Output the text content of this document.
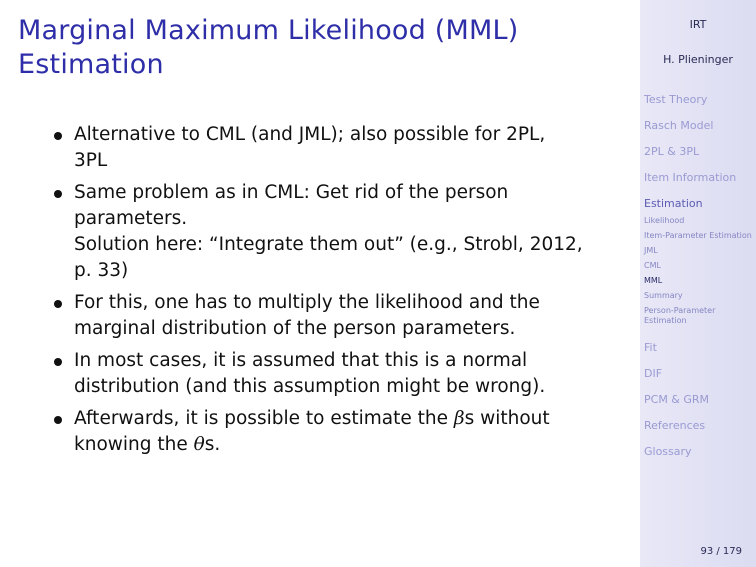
Marginal Maximum Likelihood (MML)
Estimation
Alternative to CML (and JML); also possible for 2PL,
3PL
Same problem as in CML: Get rid of the person
parameters.
Solution here: “Integrate them out” (e.g., Strobl, 2012,
p. 33)
For this, one has to multiply the likelihood and the
marginal distribution of the person parameters.
In most cases, it is assumed that this is a normal
distribution (and this assumption might be wrong).
Afterwards, it is possible to estimate the βs without
knowing the θs.
IRT
H. Plieninger
Test Theory
Rasch Model
2PL & 3PL
Item Information
Estimation
Likelihood
Item-Parameter Estimation
JML
CML
MML
Summary
Person-Parameter Estimation
Fit
DIF
PCM & GRM
References
Glossary
93 / 179
